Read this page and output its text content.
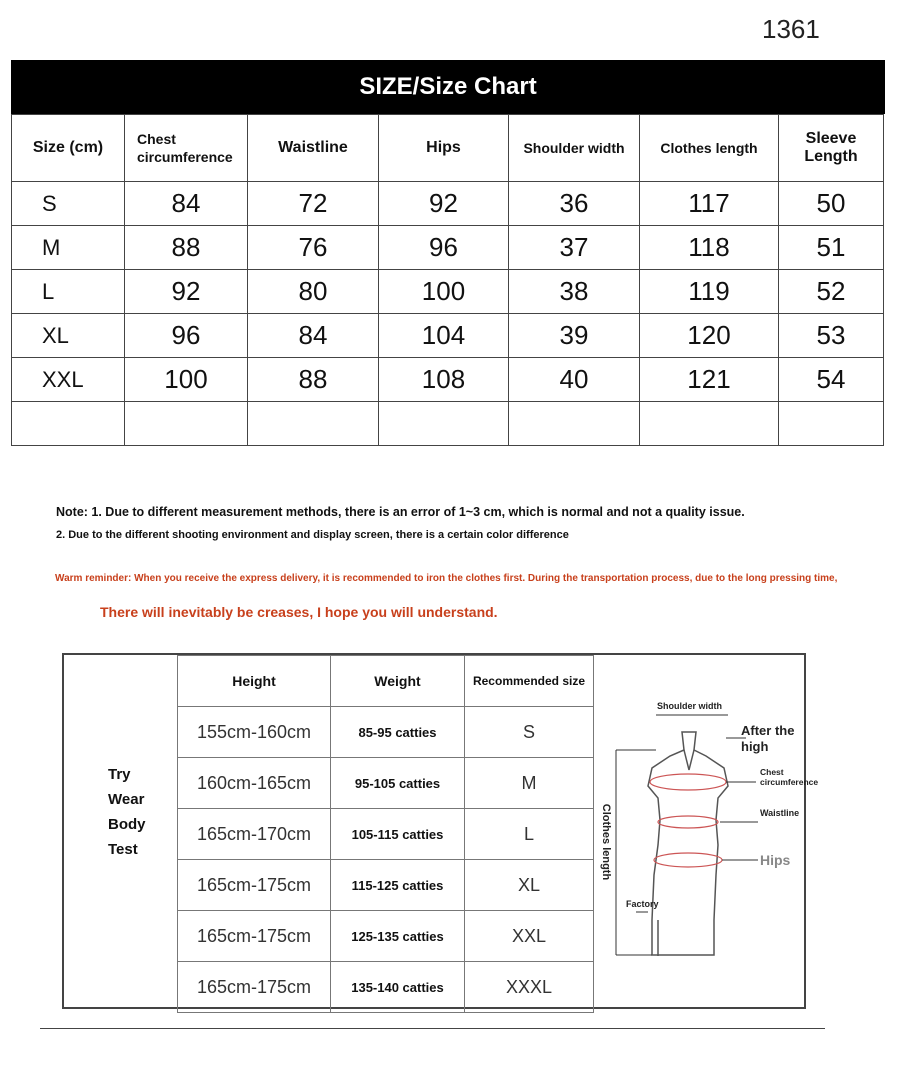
1361
SIZE/Size Chart
Size (cm)	Chest circumference	Waistline	Hips	Shoulder width	Clothes length	Sleeve Length
S	84	72	92	36	117	50
M	88	76	96	37	118	51
L	92	80	100	38	119	52
XL	96	84	104	39	120	53
XXL	100	88	108	40	121	54

Note: 1. Due to different measurement methods, there is an error of 1~3 cm, which is normal and not a quality issue.
2. Due to the different shooting environment and display screen, there is a certain color difference
Warm reminder: When you receive the express delivery, it is recommended to iron the clothes first. During the transportation process, due to the long pressing time,
There will inevitably be creases, I hope you will understand.
Try
Wear
Body
Test
Height	Weight	Recommended size
155cm-160cm	85-95 catties	S
160cm-165cm	95-105 catties	M
165cm-170cm	105-115 catties	L
165cm-175cm	115-125 catties	XL
165cm-175cm	125-135 catties	XXL
165cm-175cm	135-140 catties	XXXL
Shoulder width
After the high
Chest circumference
Waistline
Hips
Clothes length
Factory
